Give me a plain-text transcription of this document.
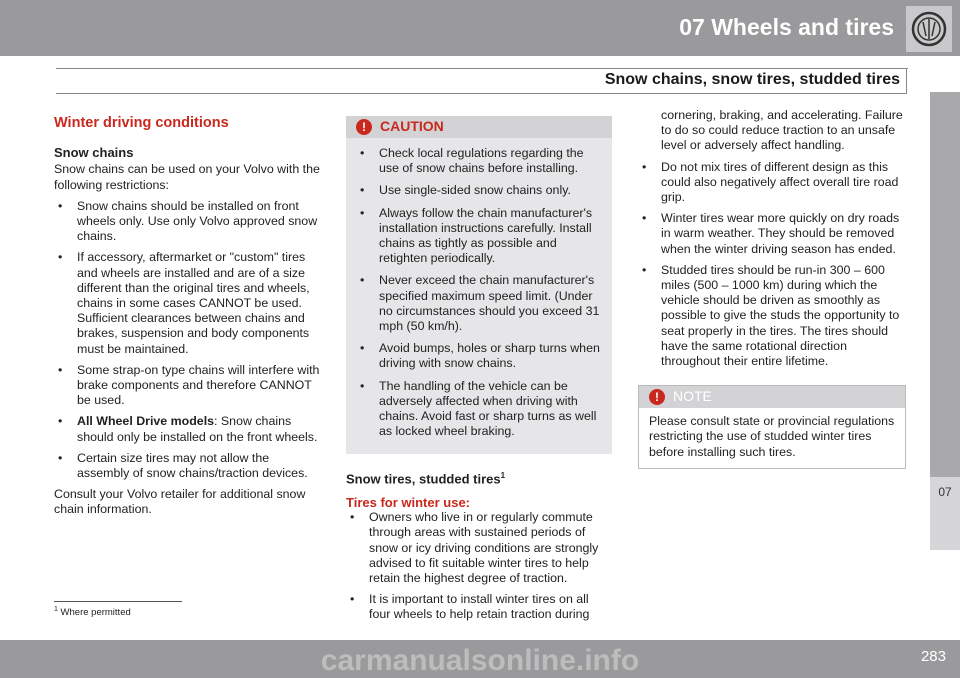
07 Wheels and tires
Snow chains, snow tires, studded tires
07
Winter driving conditions
Snow chains

Snow chains can be used on your Volvo with the following restrictions:

• Snow chains should be installed on front wheels only. Use only Volvo approved snow chains.
• If accessory, aftermarket or "custom" tires and wheels are installed and are of a size different than the original tires and wheels, chains in some cases CANNOT be used. Sufficient clearances between chains and brakes, suspension and body components must be maintained.
• Some strap-on type chains will interfere with brake components and therefore CANNOT be used.
• All Wheel Drive models: Snow chains should only be installed on the front wheels.
• Certain size tires may not allow the assembly of snow chains/traction devices.

Consult your Volvo retailer for additional snow chain information.

!	CAUTION
• Check local regulations regarding the use of snow chains before installing.
• Use single-sided snow chains only.
• Always follow the chain manufacturer's installation instructions carefully. Install chains as tightly as possible and retighten periodically.
• Never exceed the chain manufacturer's specified maximum speed limit. (Under no circumstances should you exceed 31 mph (50 km/h).
• Avoid bumps, holes or sharp turns when driving with snow chains.
• The handling of the vehicle can be adversely affected when driving with chains. Avoid fast or sharp turns as well as locked wheel braking.
Snow tires, studded tires$^1$

Tires for winter use:

• Owners who live in or regularly commute through areas with sustained periods of snow or icy driving conditions are strongly advised to fit suitable winter tires to help retain the highest degree of traction.
• It is important to install winter tires on all four wheels to help retain traction during

cornering, braking, and accelerating. Failure to do so could reduce traction to an unsafe level or adversely affect handling.

• Do not mix tires of different design as this could also negatively affect overall tire road grip.
• Winter tires wear more quickly on dry roads in warm weather. They should be removed when the winter driving season has ended.
• Studded tires should be run-in 300 – 600 miles (500 – 1000 km) during which the vehicle should be driven as smoothly as possible to give the studs the opportunity to seat properly in the tires. The tires should have the same rotational direction throughout their entire lifetime.
!	NOTE
Please consult state or provincial regulations restricting the use of studded winter tires before installing such tires.
$^1$ Where permitted
carmanualsonline.info	283
